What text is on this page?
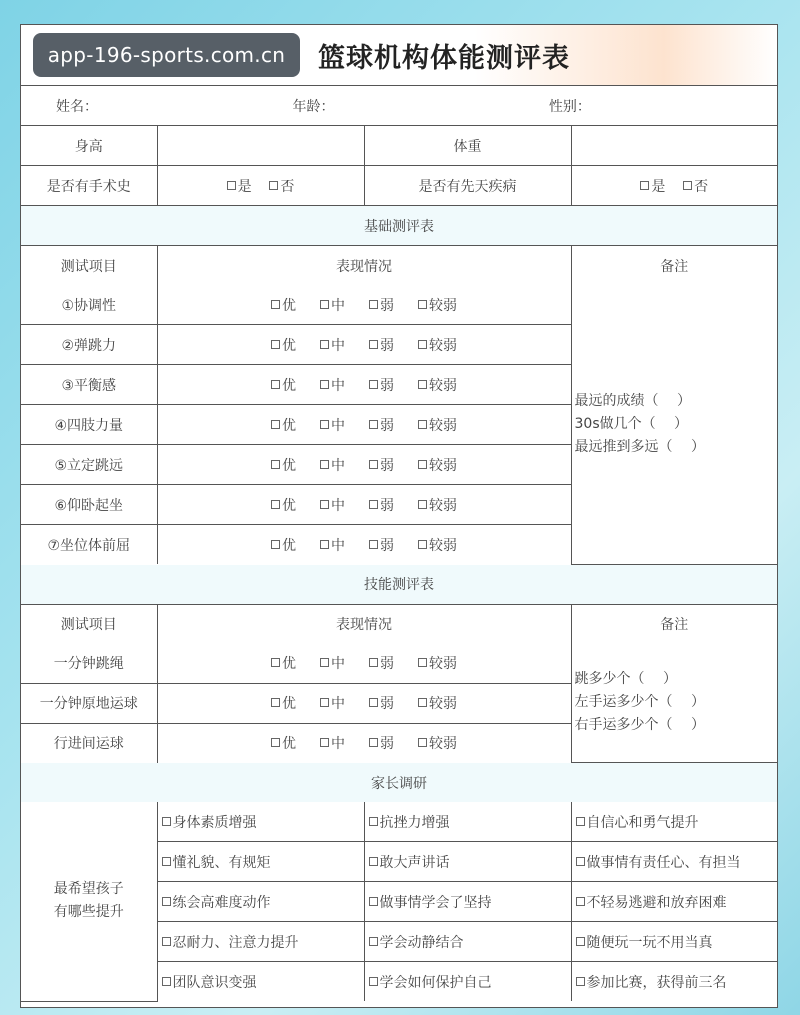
app-196-sports.com.cn	篮球机构体能测评表
姓名： 年龄： 性别：			
身高		体重	
是否有手术史	是 否	是否有先天疾病	是 否
基础测评表			
测试项目	表现情况		备注
①协调性	优 中 弱 较弱		最远的成绩（　 ）
30s做几个（　 ）
最远推到多远（　 ）

②弹跳力	优 中 弱 较弱		
③平衡感	优 中 弱 较弱		
④四肢力量	优 中 弱 较弱		
⑤立定跳远	优 中 弱 较弱		
⑥仰卧起坐	优 中 弱 较弱		
⑦坐位体前屈	优 中 弱 较弱		
技能测评表			
测试项目	表现情况		备注
一分钟跳绳	优 中 弱 较弱		跳多少个（　 ）
左手运多少个（　 ）
右手运多少个（　 ）

一分钟原地运球	优 中 弱 较弱		
行进间运球	优 中 弱 较弱		
家长调研			
最希望孩子有哪些提升	身体素质增强	抗挫力增强	自信心和勇气提升
	懂礼貌、有规矩	敢大声讲话	做事情有责任心、有担当
	练会高难度动作	做事情学会了坚持	不轻易逃避和放弃困难
	忍耐力、注意力提升	学会动静结合	随便玩一玩不用当真
	团队意识变强	学会如何保护自己	参加比赛，获得前三名
